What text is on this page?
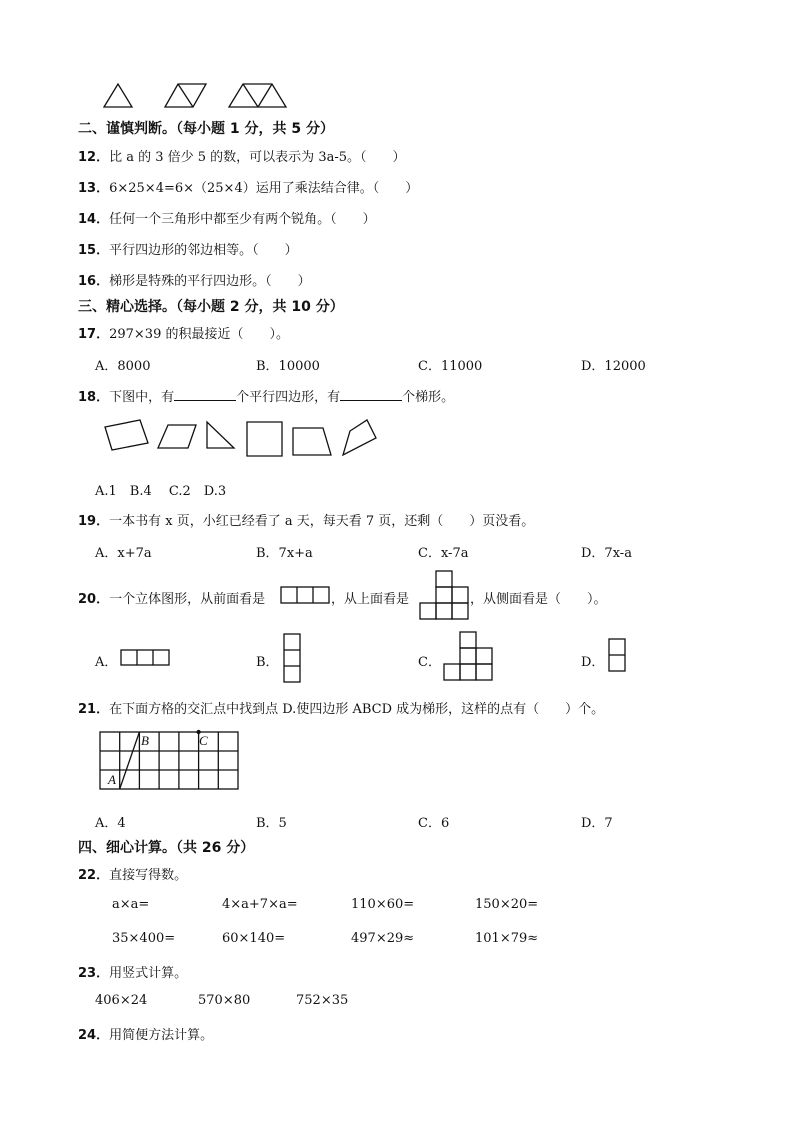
二、谨慎判断。（每小题 1 分，共 5 分）
12．比 a 的 3 倍少 5 的数，可以表示为 3a-5。（　　）
13．6×25×4=6×（25×4）运用了乘法结合律。（　　）
14．任何一个三角形中都至少有两个锐角。（　　）
15．平行四边形的邻边相等。（　　）
16．梯形是特殊的平行四边形。（　　）
三、精心选择。（每小题 2 分，共 10 分）
17．297×39 的积最接近（　　）。
A．8000	B．10000	C．11000	D．12000
18．下图中，有	个平行四边形，有	个梯形。
A.1　B.4　 C.2　D.3
19．一本书有 x 页，小红已经看了 a 天，每天看 7 页，还剩（　　）页没看。
A．x+7a	B．7x+a	C．x-7a	D．7x-a
20．一个立体图形，从前面看是	，从上面看是	，从侧面看是（　　）。
A．	B．	C．	D．
21．在下面方格的交汇点中找到点 D.使四边形 ABCD 成为梯形，这样的点有（　　）个。
A
B	C
A．4	B．5	C．6	D．7
四、细心计算。（共 26 分）
22．直接写得数。
a×a=	4×a+7×a=	110×60=	150×20=
35×400=	60×140=	497×29≈	101×79≈
23．用竖式计算。
406×24	570×80	752×35
24．用简便方法计算。
